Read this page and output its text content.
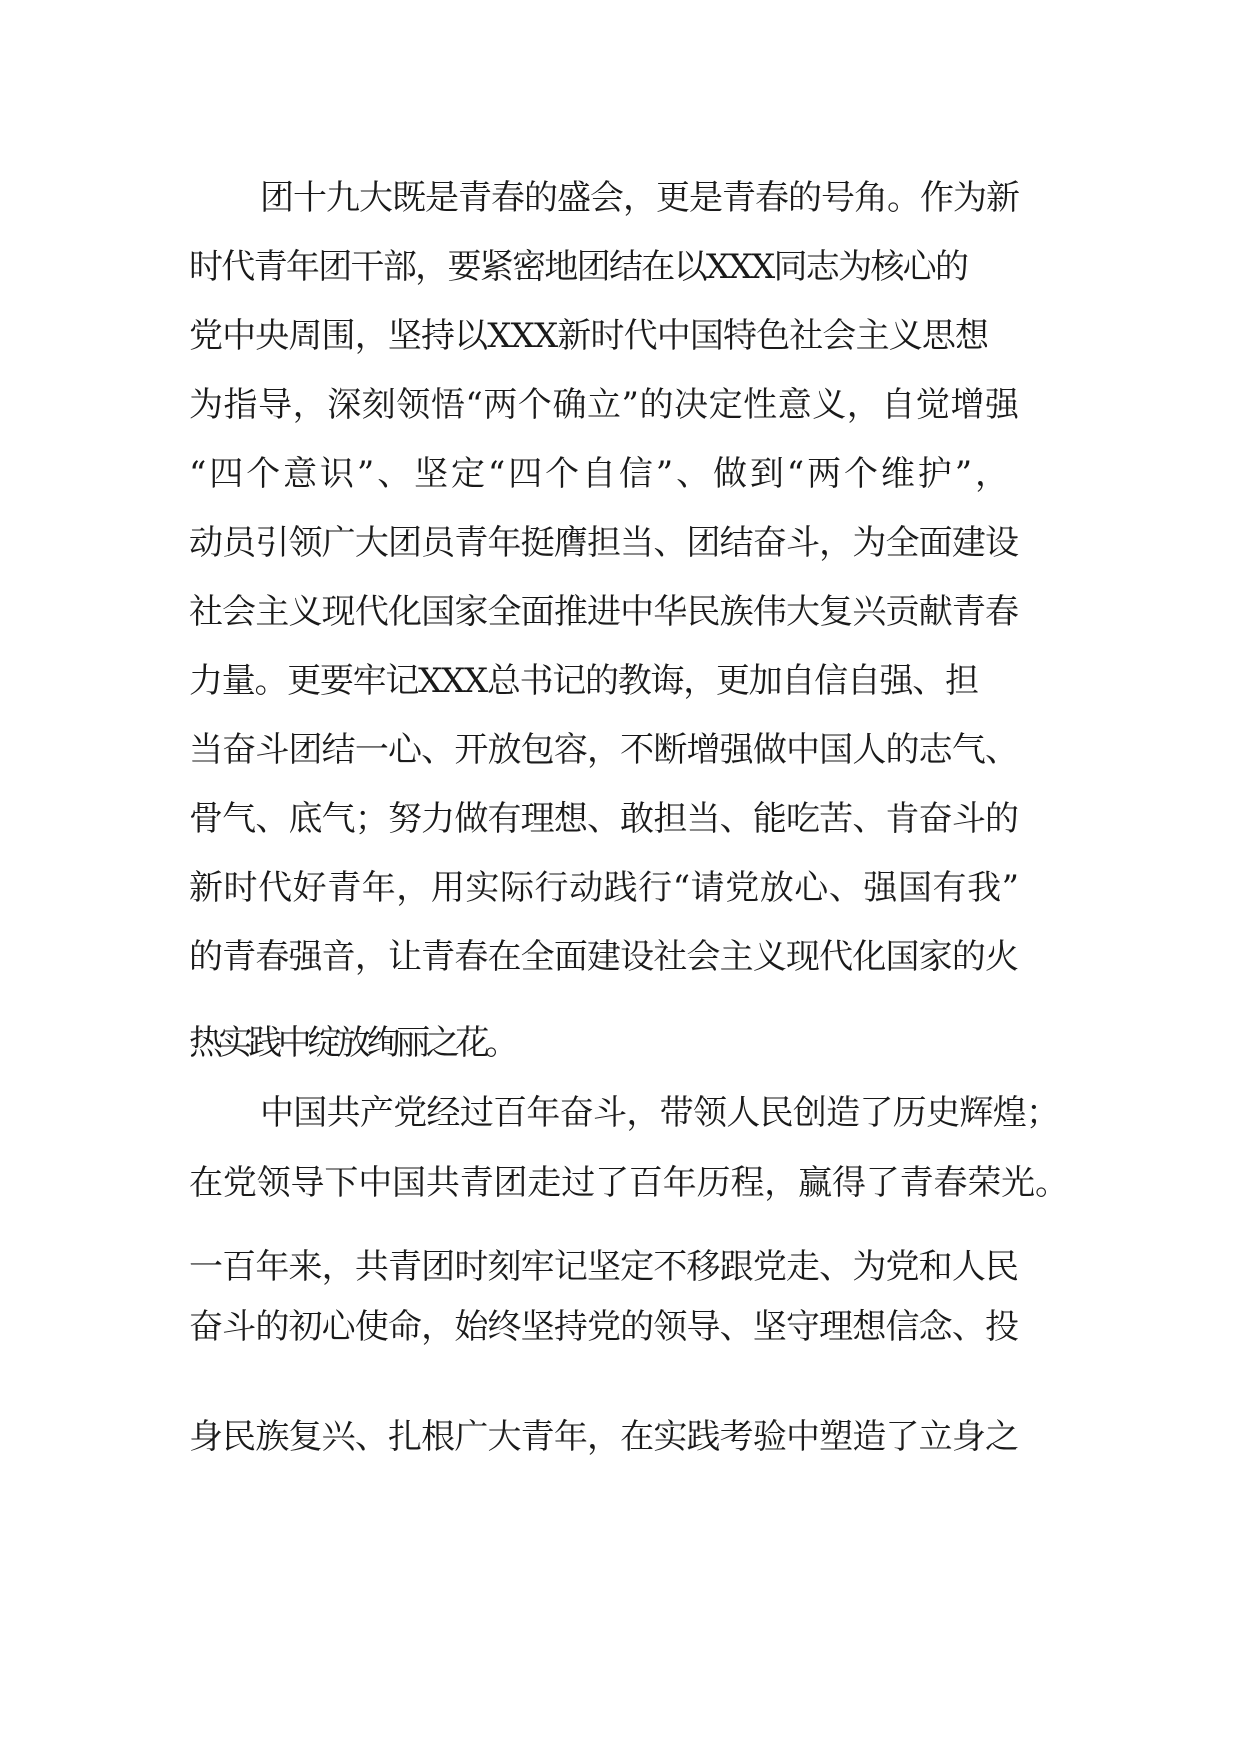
团十九大既是青春的盛会，更是青春的号角。作为新
时代青年团干部，要紧密地团结在以XXX同志为核心的
党中央周围，坚持以XXX新时代中国特色社会主义思想
为指导，深刻领悟“两个确立”的决定性意义，自觉增强
“四个意识”、坚定“四个自信”、做到“两个维护”，
动员引领广大团员青年挺膺担当、团结奋斗，为全面建设
社会主义现代化国家全面推进中华民族伟大复兴贡献青春
力量。更要牢记XXX总书记的教诲，更加自信自强、担
当奋斗团结一心、开放包容，不断增强做中国人的志气、
骨气、底气；努力做有理想、敢担当、能吃苦、肯奋斗的
新时代好青年，用实际行动践行“请党放心、强国有我”
的青春强音，让青春在全面建设社会主义现代化国家的火
热实践中绽放绚丽之花。
中国共产党经过百年奋斗，带领人民创造了历史辉煌；
在党领导下中国共青团走过了百年历程，赢得了青春荣光。
一百年来，共青团时刻牢记坚定不移跟党走、为党和人民
奋斗的初心使命，始终坚持党的领导、坚守理想信念、投
身民族复兴、扎根广大青年，在实践考验中塑造了立身之
